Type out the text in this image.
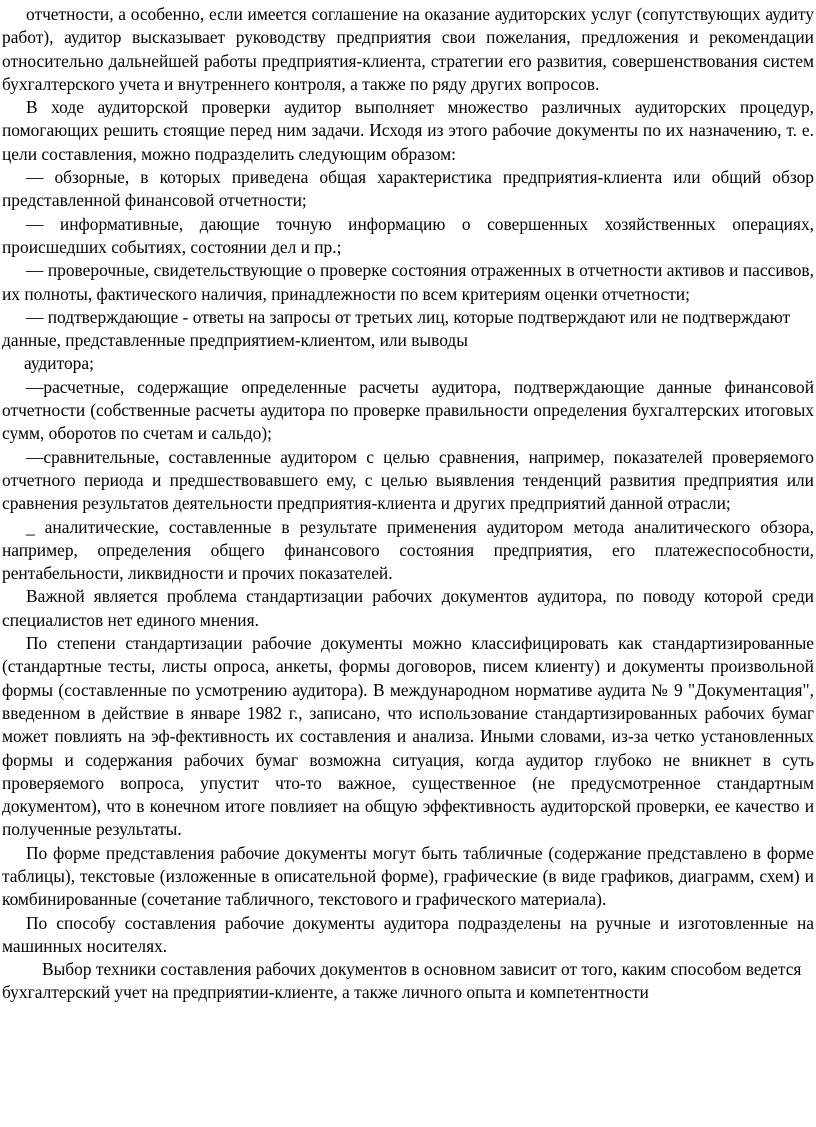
отчетности, а особенно, если имеется соглашение на оказание аудиторских услуг (сопутствующих аудиту работ), аудитор высказывает руководству предприятия свои пожелания, предложения и рекомендации относительно дальнейшей работы предприятия-клиента, стратегии его развития, совершенствования систем бухгалтерского учета и внутреннего контроля, а также по ряду других вопросов.

В ходе аудиторской проверки аудитор выполняет множество различных аудиторских процедур, помогающих решить стоящие перед ним задачи. Исходя из этого рабочие документы по их назначению, т. е. цели составления, можно подразделить следующим образом:

— обзорные, в которых приведена общая характеристика предприятия-клиента или общий обзор представленной финансовой отчетности;

— информативные, дающие точную информацию о совершенных хозяйственных операциях, происшедших событиях, состоянии дел и пр.;

— проверочные, свидетельствующие о проверке состояния отраженных в отчетности активов и пассивов, их полноты, фактического наличия, принадлежности по всем критериям оценки отчетности;

— подтверждающие - ответы на запросы от третьих лиц, которые подтверждают или не подтверждают данные, представленные предприятием-клиентом, или выводы

аудитора;

—расчетные, содержащие определенные расчеты аудитора, подтверждающие данные финансовой отчетности (собственные расчеты аудитора по проверке правильности определения бухгалтерских итоговых сумм, оборотов по счетам и сальдо);

—сравнительные, составленные аудитором с целью сравнения, например, показателей проверяемого отчетного периода и предшествовавшего ему, с целью выявления тенденций развития предприятия или сравнения результатов деятельности предприятия-клиента и других предприятий данной отрасли;

_ аналитические, составленные в результате применения аудитором метода аналитического обзора, например, определения общего финансового состояния предприятия, его платежеспособности, рентабельности, ликвидности и прочих показателей.

Важной является проблема стандартизации рабочих документов аудитора, по поводу которой среди специалистов нет единого мнения.

По степени стандартизации рабочие документы можно классифицировать как стандартизированные (стандартные тесты, листы опроса, анкеты, формы договоров, писем клиенту) и документы произвольной формы (составленные по усмотрению аудитора). В международном нормативе аудита № 9 "Документация", введенном в действие в январе 1982 г., записано, что использование стандартизированных рабочих бумаг может повлиять на эф-фективность их составления и анализа. Иными словами, из-за четко установленных формы и содержания рабочих бумаг возможна ситуация, когда аудитор глубоко не вникнет в суть проверяемого вопроса, упустит что-то важное, существенное (не предусмотренное стандартным документом), что в конечном итоге повлияет на общую эффективность аудиторской проверки, ее качество и полученные результаты.

По форме представления рабочие документы могут быть табличные (содержание представлено в форме таблицы), текстовые (изложенные в описательной форме), графические (в виде графиков, диаграмм, схем) и комбинированные (сочетание табличного, текстового и графического материала).

По способу составления рабочие документы аудитора подразделены на ручные и изготовленные на машинных носителях.

Выбор техники составления рабочих документов в основном зависит от того, каким способом ведется бухгалтерский учет на предприятии-клиенте, а также личного опыта и компетентности
